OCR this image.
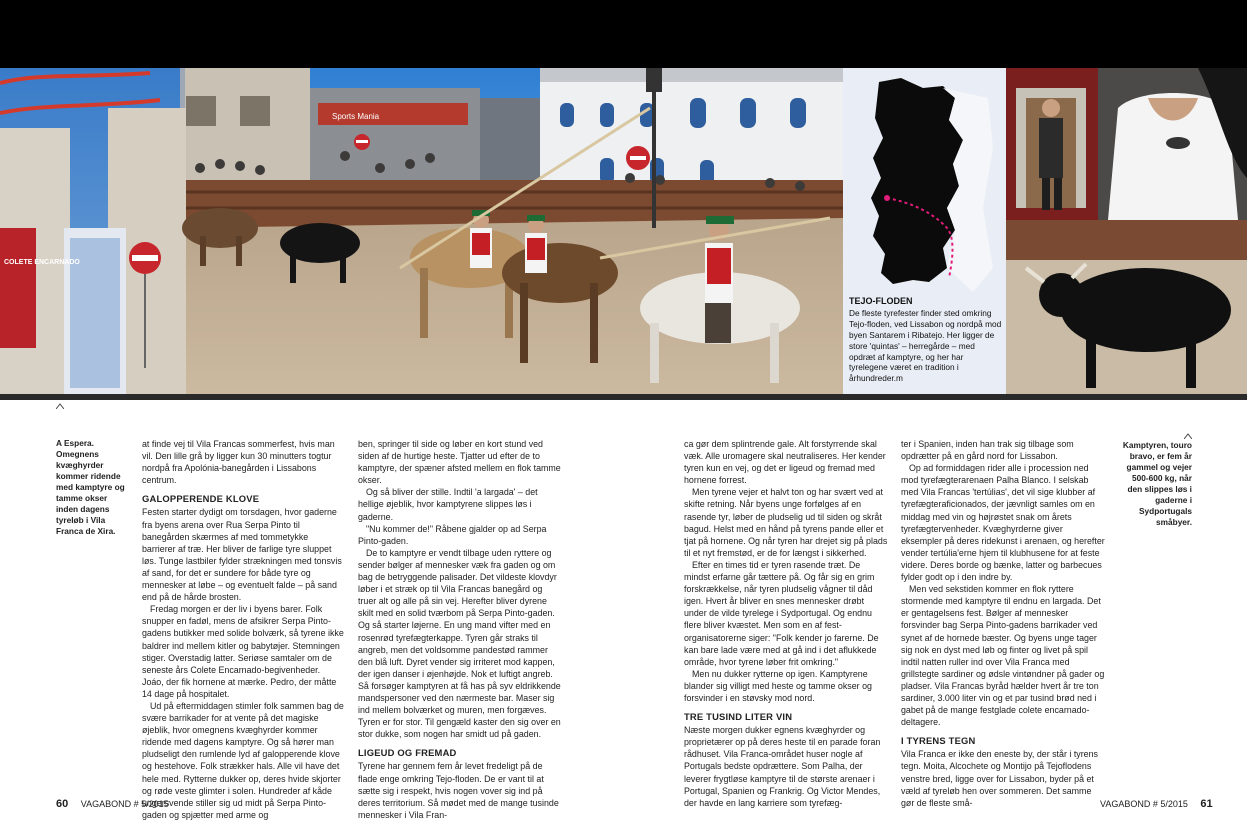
Sports Mania
COLETE ENCARNADO
TEJO-FLODEN
De fleste tyrefester finder sted omkring Tejo-floden, ved Lissabon og nordpå mod byen Santarem i Ribatejo. Her ligger de store 'quintas' – herregårde – med opdræt af kamptyre, og her har tyrelegene været en tradition i århundreder.m
A Espera. Omegnens kvæghyrder kommer ridende med kamptyre og tamme okser inden dagens tyreløb i Vila Franca de Xira.

at finde vej til Vila Francas sommerfest, hvis man vil. Den lille grå by ligger kun 30 minutters togtur nordpå fra Apolónia-banegården i Lissabons centrum.

GALOPPERENDE KLOVE

Festen starter dydigt om torsdagen, hvor gaderne fra byens arena over Rua Serpa Pinto til banegården skærmes af med tommetykke barrierer af træ. Her bliver de farlige tyre sluppet løs. Tunge lastbiler fylder strækningen med tonsvis af sand, for det er sundere for både tyre og mennesker at løbe – og eventuelt falde – på sand end på de hårde brosten.

Fredag morgen er der liv i byens barer. Folk snupper en fadøl, mens de afsikrer Serpa Pinto-gadens butikker med solide bolværk, så tyrene ikke baldrer ind mellem kitler og babytøjer. Stemningen stiger. Overstadig latter. Seriøse samtaler om de seneste års Colete Encarnado-begivenheder. Joáo, der fik hornene at mærke. Pedro, der måtte 14 dage på hospitalet.

Ud på eftermiddagen stimler folk sammen bag de svære barrikader for at vente på det magiske øjeblik, hvor omegnens kvæghyrder kommer ridende med dagens kamptyre. Og så hører man pludseligt den rumlende lyd af galopperende klove og hestehove. Folk strækker hals. Alle vil have det hele med. Rytterne dukker op, deres hvide skjorter og røde veste glimter i solen. Hundreder af kåde ungersvende stiller sig ud midt på Serpa Pinto-gaden og spjætter med arme og

ben, springer til side og løber en kort stund ved siden af de hurtige heste. Tjatter ud efter de to kamptyre, der spæner afsted mellem en flok tamme okser.

Og så bliver der stille. Indtil 'a largada' – det hellige øjeblik, hvor kamptyrene slippes løs i gaderne.

"Nu kommer de!" Råbene gjalder op ad Serpa Pinto-gaden.

De to kamptyre er vendt tilbage uden ryttere og sender bølger af mennesker væk fra gaden og om bag de betryggende palisader. Det vildeste klovdyr løber i et stræk op til Vila Francas banegård og truer alt og alle på sin vej. Herefter bliver dyrene skilt med en solid tværbom på Serpa Pinto-gaden. Og så starter løjerne. En ung mand vifter med en rosenrød tyrefægterkappe. Tyren går straks til angreb, men det voldsomme pandestød rammer den blå luft. Dyret vender sig irriteret mod kappen, der igen danser i øjenhøjde. Nok et luftigt angreb. Så forsøger kamptyren at få has på syv eldrikkende mandspersoner ved den nærmeste bar. Maser sig ind mellem bolværket og muren, men forgæves. Tyren er for stor. Til gengæld kaster den sig over en stor dukke, som nogen har smidt ud på gaden.

LIGEUD OG FREMAD

Tyrene har gennem fem år levet fredeligt på de flade enge omkring Tejo-floden. De er vant til at sætte sig i respekt, hvis nogen vover sig ind på deres territorium. Så mødet med de mange tusinde mennesker i Vila Fran-

ca gør dem splintrende gale. Alt forstyrrende skal væk. Alle uromagere skal neutraliseres. Her kender tyren kun en vej, og det er ligeud og fremad med hornene forrest.

Men tyrene vejer et halvt ton og har svært ved at skifte retning. Når byens unge forfølges af en rasende tyr, løber de pludselig ud til siden og skråt bagud. Helst med en hånd på tyrens pande eller et tjat på hornene. Og når tyren har drejet sig på plads til et nyt fremstød, er de for længst i sikkerhed.

Efter en times tid er tyren rasende træt. De mindst erfarne går tættere på. Og får sig en grim forskrækkelse, når tyren pludselig vågner til dåd igen. Hvert år bliver en snes mennesker drøbt under de vilde tyrelege i Sydportugal. Og endnu flere bliver kvæstet. Men som en af fest-organisatorerne siger: "Folk kender jo farerne. De kan bare lade være med at gå ind i det aflukkede område, hvor tyrene løber frit omkring."

Men nu dukker rytterne op igen. Kamptyrene blander sig villigt med heste og tamme okser og forsvinder i en støvsky mod nord.

TRE TUSIND LITER VIN

Næste morgen dukker egnens kvæghyrder og proprietærer op på deres heste til en parade foran rådhuset. Vila Franca-området huser nogle af Portugals bedste opdrættere. Som Palha, der leverer frygtløse kamptyre til de største arenaer i Portugal, Spanien og Frankrig. Og Victor Mendes, der havde en lang karriere som tyrefæg-

ter i Spanien, inden han trak sig tilbage som opdrætter på en gård nord for Lissabon.

Op ad formiddagen rider alle i procession ned mod tyrefægterarenaen Palha Blanco. I selskab med Vila Francas 'tertúlias', det vil sige klubber af tyrefægteraficionados, der jævnligt samles om en middag med vin og højrøstet snak om årets tyrefægtervenheder. Kvæghyrderne giver eksempler på deres ridekunst i arenaen, og herefter vender tertúlia'erne hjem til klubhusene for at feste videre. Deres borde og bænke, latter og barbecues fylder godt op i den indre by.

Men ved sekstiden kommer en flok ryttere stormende med kamptyre til endnu en largada. Det er gentagelsens fest. Bølger af mennesker forsvinder bag Serpa Pinto-gadens barrikader ved synet af de hornede bæster. Og byens unge tager sig nok en dyst med løb og finter og livet på spil indtil natten ruller ind over Vila Franca med grillstegte sardiner og ødsle vintøndner på gader og pladser. Vila Francas byråd hælder hvert år tre ton sardiner, 3.000 liter vin og et par tusind brød ned i gabet på de mange festglade colete encarnado-deltagere.

I TYRENS TEGN

Vila Franca er ikke den eneste by, der står i tyrens tegn. Moita, Alcochete og Montijo på Tejoflodens venstre bred, ligge over for Lissabon, byder på et væld af tyreløb hen over sommeren. Det samme gør de fleste små-

Kamptyren, touro bravo, er fem år gammel og vejer 500-600 kg, når den slippes løs i gaderne i Sydportugals småbyer.
60 VAGABOND # 5/2015	VAGABOND # 5/2015 61
